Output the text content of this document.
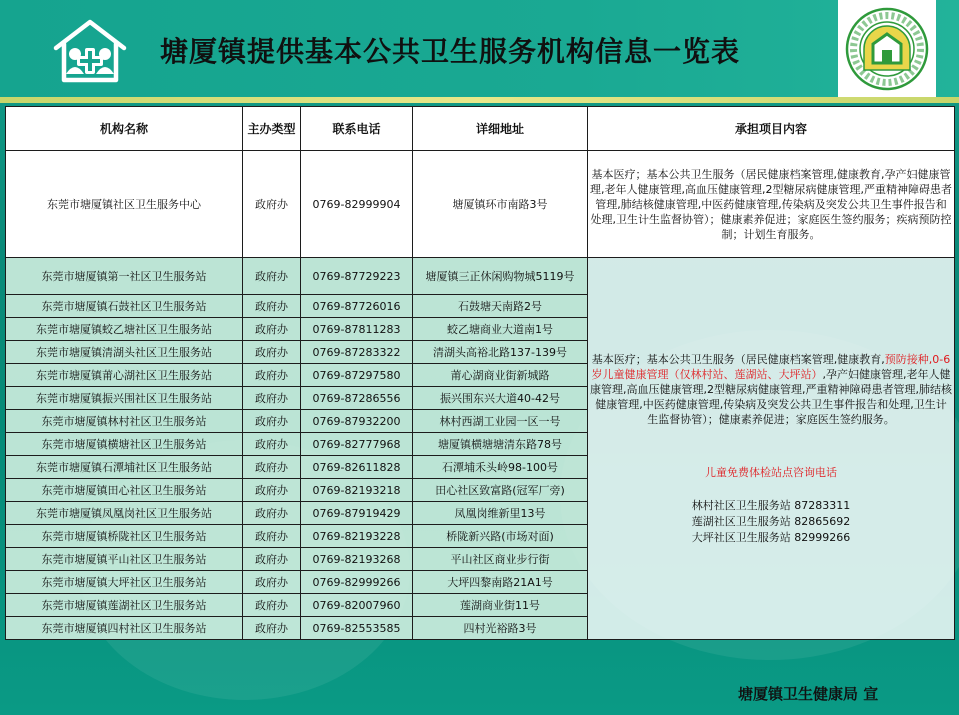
塘厦镇提供基本公共卫生服务机构信息一览表
机构名称	主办类型	联系电话	详细地址	承担项目内容
东莞市塘厦镇社区卫生服务中心	政府办	0769-82999904	塘厦镇环市南路3号	基本医疗；基本公共卫生服务（居民健康档案管理,健康教育,孕产妇健康管理,老年人健康管理,高血压健康管理,2型糖尿病健康管理,严重精神障碍患者管理,肺结核健康管理,中医药健康管理,传染病及突发公共卫生事件报告和处理,卫生计生监督协管）；健康素养促进；家庭医生签约服务；疾病预防控制；计划生育服务。
东莞市塘厦镇第一社区卫生服务站	政府办	0769-87729223	塘厦镇三正休闲购物城5119号	基本医疗；基本公共卫生服务（居民健康档案管理,健康教育,预防接种,0-6岁儿童健康管理（仅林村站、莲湖站、大坪站）,孕产妇健康管理,老年人健康管理,高血压健康管理,2型糖尿病健康管理,严重精神障碍患者管理,肺结核健康管理,中医药健康管理,传染病及突发公共卫生事件报告和处理,卫生计生监督协管）；健康素养促进；家庭医生签约服务。
儿童免费体检站点咨询电话
林村社区卫生服务站 87283311
莲湖社区卫生服务站 82865692
大坪社区卫生服务站 82999266

东莞市塘厦镇石鼓社区卫生服务站	政府办	0769-87726016	石鼓塘天南路2号	
东莞市塘厦镇蛟乙塘社区卫生服务站	政府办	0769-87811283	蛟乙塘商业大道南1号	
东莞市塘厦镇清湖头社区卫生服务站	政府办	0769-87283322	清湖头高裕北路137-139号	
东莞市塘厦镇莆心湖社区卫生服务站	政府办	0769-87297580	莆心湖商业街新城路	
东莞市塘厦镇振兴围社区卫生服务站	政府办	0769-87286556	振兴围东兴大道40-42号	
东莞市塘厦镇林村社区卫生服务站	政府办	0769-87932200	林村西湖工业园一区一号	
东莞市塘厦镇横塘社区卫生服务站	政府办	0769-82777968	塘厦镇横塘塘清东路78号	
东莞市塘厦镇石潭埔社区卫生服务站	政府办	0769-82611828	石潭埔禾头岭98-100号	
东莞市塘厦镇田心社区卫生服务站	政府办	0769-82193218	田心社区致富路(冠军厂旁)	
东莞市塘厦镇凤凰岗社区卫生服务站	政府办	0769-87919429	凤凰岗维新里13号	
东莞市塘厦镇桥陇社区卫生服务站	政府办	0769-82193228	桥陇新兴路(市场对面)	
东莞市塘厦镇平山社区卫生服务站	政府办	0769-82193268	平山社区商业步行街	
东莞市塘厦镇大坪社区卫生服务站	政府办	0769-82999266	大坪四黎南路21A1号	
东莞市塘厦镇莲湖社区卫生服务站	政府办	0769-82007960	莲湖商业街11号	
东莞市塘厦镇四村社区卫生服务站	政府办	0769-82553585	四村光裕路3号	
塘厦镇卫生健康局 宣
